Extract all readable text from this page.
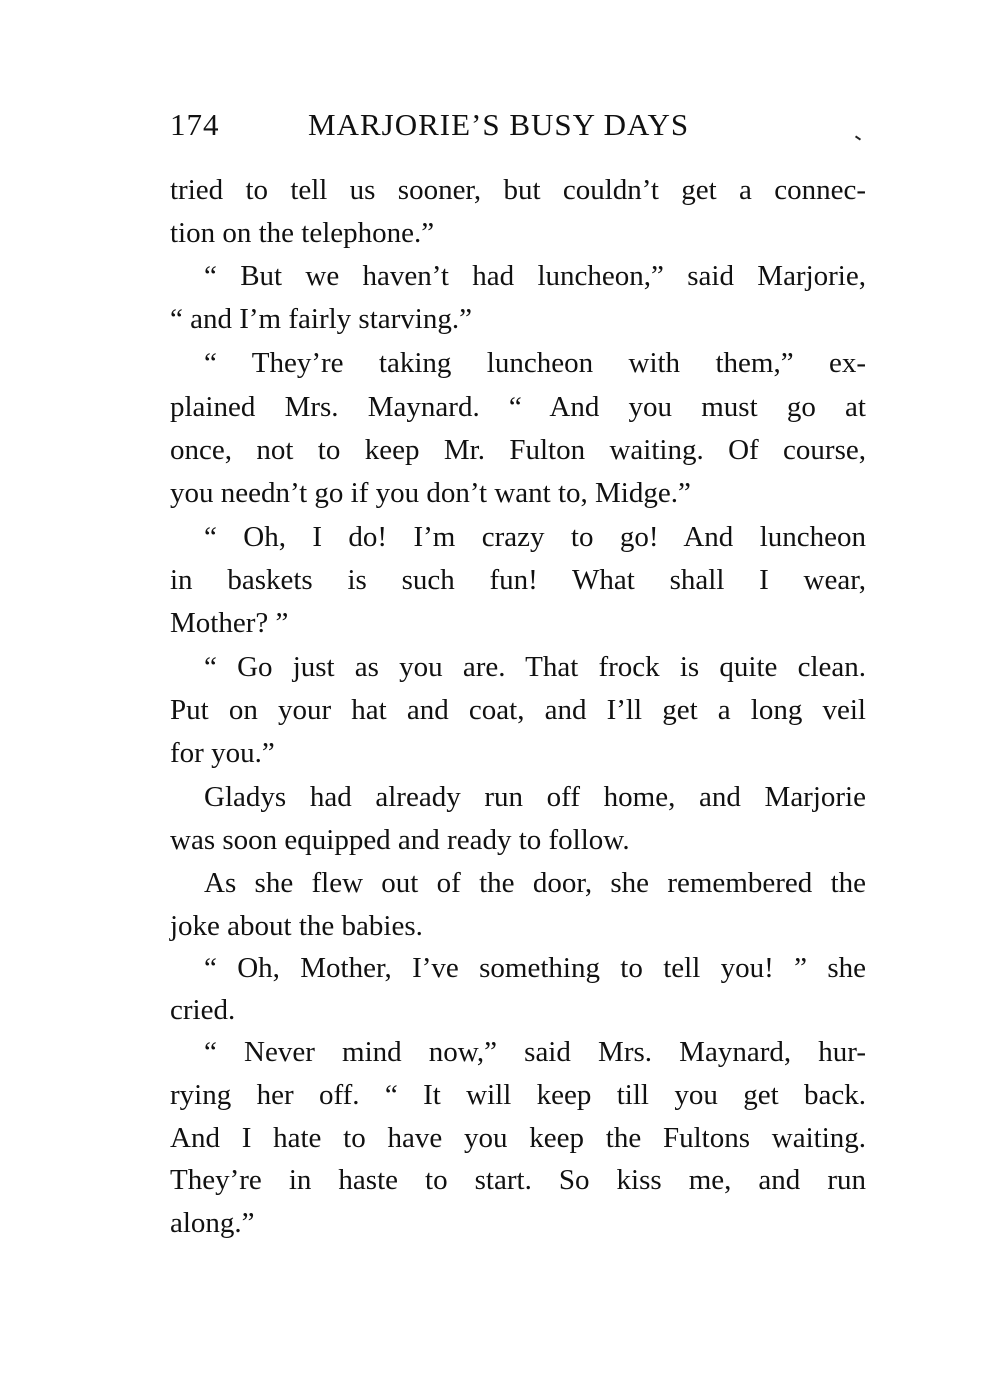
174	MARJORIE’S BUSY DAYS
tried to tell us sooner, but couldn’t get a connec-
tion on the telephone.”
“ But we haven’t had luncheon,” said Marjorie,
“ and I’m fairly starving.”
“ They’re taking luncheon with them,” ex-
plained Mrs. Maynard. “ And you must go at
once, not to keep Mr. Fulton waiting. Of course,
you needn’t go if you don’t want to, Midge.”
“ Oh, I do! I’m crazy to go! And luncheon
in baskets is such fun! What shall I wear,
Mother? ”
“ Go just as you are. That frock is quite clean.
Put on your hat and coat, and I’ll get a long veil
for you.”
Gladys had already run off home, and Marjorie
was soon equipped and ready to follow.
As she flew out of the door, she remembered the
joke about the babies.
“ Oh, Mother, I’ve something to tell you! ” she
cried.
“ Never mind now,” said Mrs. Maynard, hur-
rying her off. “ It will keep till you get back.
And I hate to have you keep the Fultons waiting.
They’re in haste to start. So kiss me, and run
along.”
